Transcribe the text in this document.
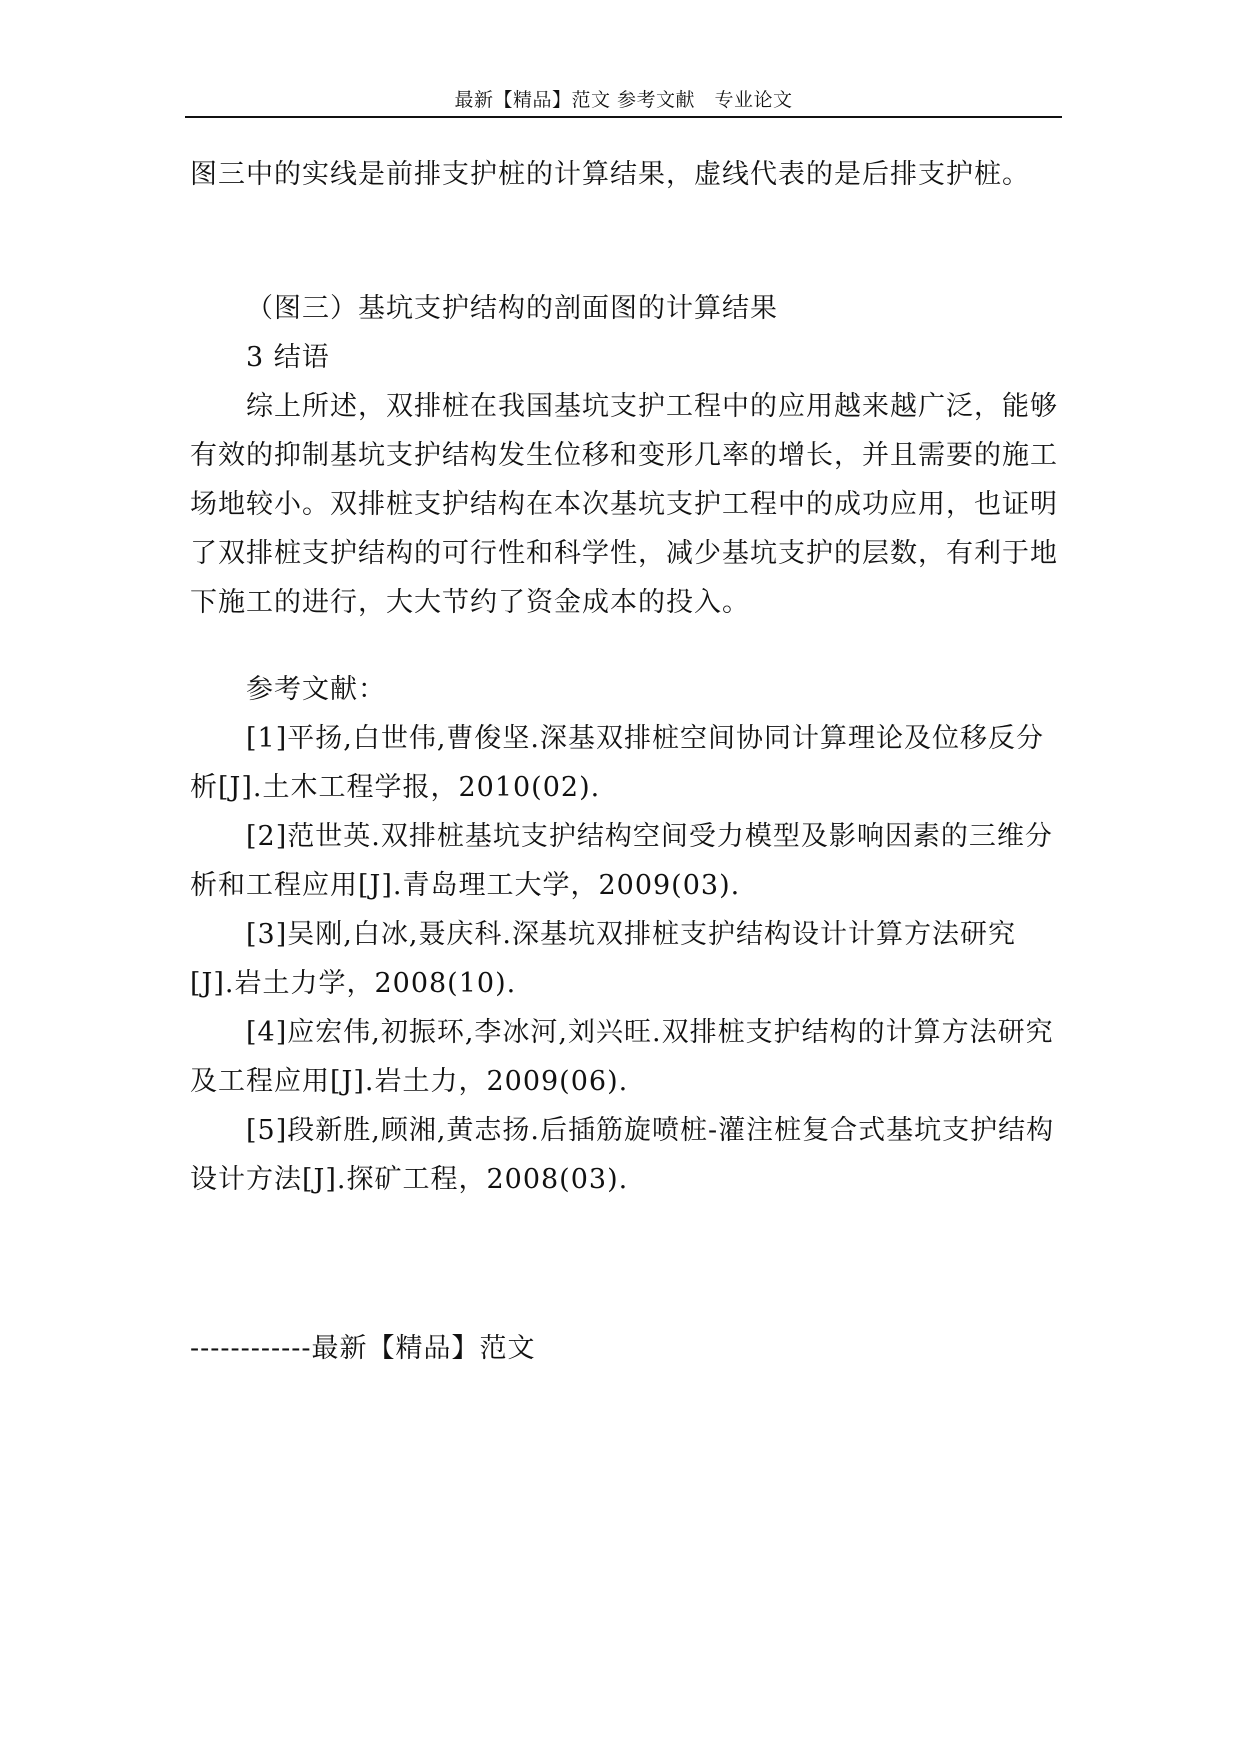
最新【精品】范文 参考文献　专业论文

图三中的实线是前排支护桩的计算结果，虚线代表的是后排支护桩。

（图三）基坑支护结构的剖面图的计算结果

3 结语

综上所述，双排桩在我国基坑支护工程中的应用越来越广泛，能够有效的抑制基坑支护结构发生位移和变形几率的增长，并且需要的施工场地较小。双排桩支护结构在本次基坑支护工程中的成功应用，也证明了双排桩支护结构的可行性和科学性，减少基坑支护的层数，有利于地下施工的进行，大大节约了资金成本的投入。

参考文献：

[1]平扬,白世伟,曹俊坚.深基双排桩空间协同计算理论及位移反分析[J].土木工程学报，2010(02).

[2]范世英.双排桩基坑支护结构空间受力模型及影响因素的三维分析和工程应用[J].青岛理工大学，2009(03).

[3]吴刚,白冰,聂庆科.深基坑双排桩支护结构设计计算方法研究[J].岩土力学，2008(10).

[4]应宏伟,初振环,李冰河,刘兴旺.双排桩支护结构的计算方法研究及工程应用[J].岩土力，2009(06).

[5]段新胜,顾湘,黄志扬.后插筋旋喷桩-灌注桩复合式基坑支护结构设计方法[J].探矿工程，2008(03).

------------最新【精品】范文
